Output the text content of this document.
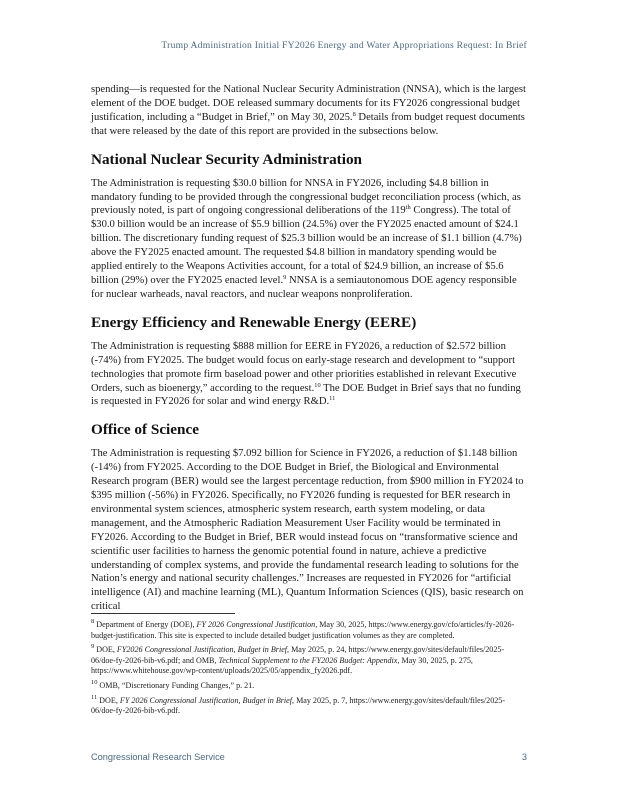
Trump Administration Initial FY2026 Energy and Water Appropriations Request: In Brief

spending—is requested for the National Nuclear Security Administration (NNSA), which is the largest element of the DOE budget. DOE released summary documents for its FY2026 congressional budget justification, including a “Budget in Brief,” on May 30, 2025.$^8$ Details from budget request documents that were released by the date of this report are provided in the subsections below.

National Nuclear Security Administration

The Administration is requesting $30.0 billion for NNSA in FY2026, including $4.8 billion in mandatory funding to be provided through the congressional budget reconciliation process (which, as previously noted, is part of ongoing congressional deliberations of the 119th Congress). The total of $30.0 billion would be an increase of $5.9 billion (24.5%) over the FY2025 enacted amount of $24.1 billion. The discretionary funding request of $25.3 billion would be an increase of $1.1 billion (4.7%) above the FY2025 enacted amount. The requested $4.8 billion in mandatory spending would be applied entirely to the Weapons Activities account, for a total of $24.9 billion, an increase of $5.6 billion (29%) over the FY2025 enacted level.$^9$ NNSA is a semiautonomous DOE agency responsible for nuclear warheads, naval reactors, and nuclear weapons nonproliferation.

Energy Efficiency and Renewable Energy (EERE)

The Administration is requesting $888 million for EERE in FY2026, a reduction of $2.572 billion (-74%) from FY2025. The budget would focus on early-stage research and development to “support technologies that promote firm baseload power and other priorities established in relevant Executive Orders, such as bioenergy,” according to the request.$^{10}$ The DOE Budget in Brief says that no funding is requested in FY2026 for solar and wind energy R&D.$^{11}$

Office of Science

The Administration is requesting $7.092 billion for Science in FY2026, a reduction of $1.148 billion (-14%) from FY2025. According to the DOE Budget in Brief, the Biological and Environmental Research program (BER) would see the largest percentage reduction, from $900 million in FY2024 to $395 million (-56%) in FY2026. Specifically, no FY2026 funding is requested for BER research in environmental system sciences, atmospheric system research, earth system modeling, or data management, and the Atmospheric Radiation Measurement User Facility would be terminated in FY2026. According to the Budget in Brief, BER would instead focus on “transformative science and scientific user facilities to harness the genomic potential found in nature, achieve a predictive understanding of complex systems, and provide the fundamental research leading to solutions for the Nation’s energy and national security challenges.” Increases are requested in FY2026 for “artificial intelligence (AI) and machine learning (ML), Quantum Information Sciences (QIS), basic research on critical

$^8$ Department of Energy (DOE), FY 2026 Congressional Justification, May 30, 2025, https://www.energy.gov/cfo/articles/fy-2026-budget-justification. This site is expected to include detailed budget justification volumes as they are completed.

$^9$ DOE, FY2026 Congressional Justification, Budget in Brief, May 2025, p. 24, https://www.energy.gov/sites/default/files/2025-06/doe-fy-2026-bib-v6.pdf; and OMB, Technical Supplement to the FY2026 Budget: Appendix, May 30, 2025, p. 275, https://www.whitehouse.gov/wp-content/uploads/2025/05/appendix_fy2026.pdf.

$^{10}$ OMB, “Discretionary Funding Changes,” p. 21.

$^{11}$ DOE, FY 2026 Congressional Justification, Budget in Brief, May 2025, p. 7, https://www.energy.gov/sites/default/files/2025-06/doe-fy-2026-bib-v6.pdf.

Congressional Research Service	3
